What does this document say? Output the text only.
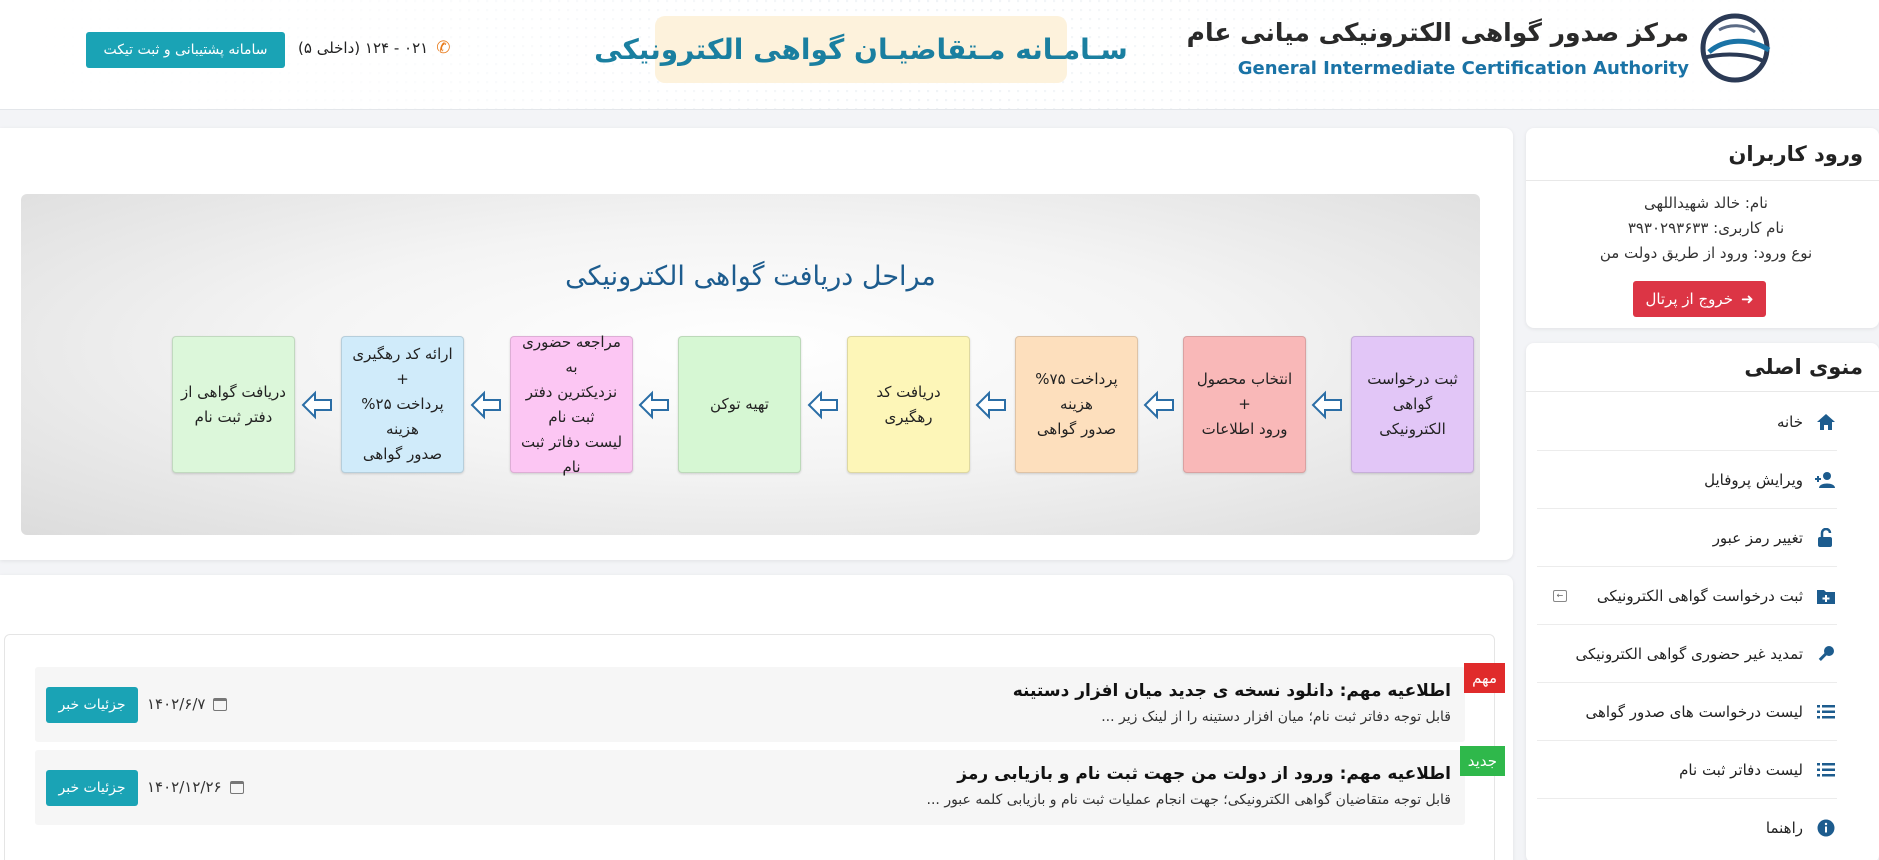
مرکز صدور گواهی الکترونیکی میانی عام
General Intermediate Certification Authority
سـامـانه مـتقاضیـان گواهی الکترونیکی
✆
۰۲۱ - ۱۲۴ (داخلی ۵)
سامانه پشتیبانی و ثبت تیکت
ورود کاربران
نام: خالد شهیداللهی
نام کاربری: ۳۹۳۰۲۹۳۶۳۳
نوع ورود: ورود از طریق دولت من
➜
خروج از پرتال
منوی اصلی
خانه
ویرایش پروفایل
تغییر رمز عبور
ثبت درخواست گواهی الکترونیکی
←
تمدید غیر حضوری گواهی الکترونیکی
لیست درخواست های صدور گواهی
لیست دفاتر ثبت نام
راهنما
مراحل دریافت گواهی الکترونیکی
ثبت درخواست
گواهی الکترونیکی
انتخاب محصول
+
ورود اطلاعات
پرداخت ۷۵%
هزینه
صدور گواهی
دریافت کد
رهگیری
تهیه توکن
مراجعه حضوری به
نزدیکترین دفتر ثبت نام
لیست دفاتر ثبت نام
ارائه کد رهگیری
+
پرداخت ۲۵% هزینه
صدور گواهی
دریافت گواهی از
دفتر ثبت نام
مهم
اطلاعیه مهم: دانلود نسخه ی جدید میان افزار دستینه
قابل توجه دفاتر ثبت نام؛ میان افزار دستینه را از لینک زیر ...
۱۴۰۲/۶/۷
جزئیات خبر
جدید
اطلاعیه مهم: ورود از دولت من جهت ثبت نام و بازیابی رمز
قابل توجه متقاضیان گواهی الکترونیکی؛ جهت انجام عملیات ثبت نام و بازیابی کلمه عبور ...
۱۴۰۲/۱۲/۲۶
جزئیات خبر
